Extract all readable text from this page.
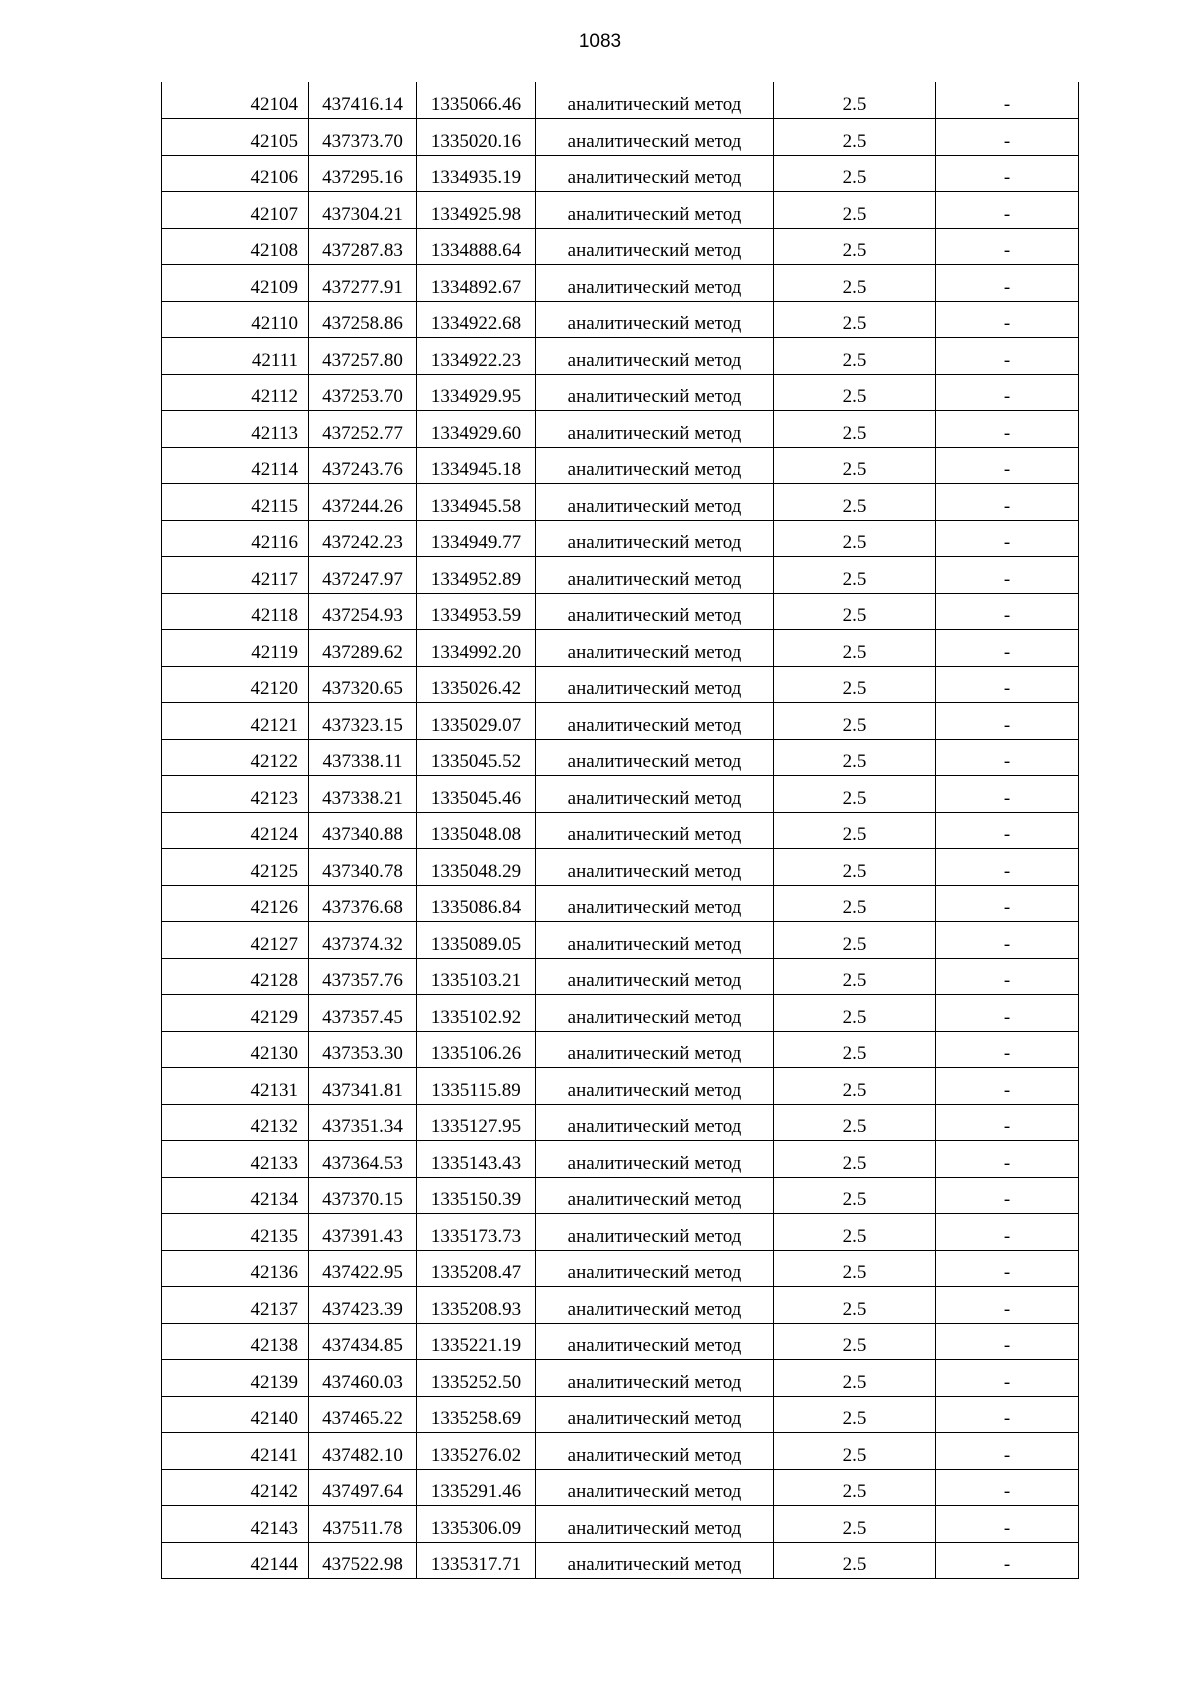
1083
42104	437416.14	1335066.46	аналитический метод	2.5	-
42105	437373.70	1335020.16	аналитический метод	2.5	-
42106	437295.16	1334935.19	аналитический метод	2.5	-
42107	437304.21	1334925.98	аналитический метод	2.5	-
42108	437287.83	1334888.64	аналитический метод	2.5	-
42109	437277.91	1334892.67	аналитический метод	2.5	-
42110	437258.86	1334922.68	аналитический метод	2.5	-
42111	437257.80	1334922.23	аналитический метод	2.5	-
42112	437253.70	1334929.95	аналитический метод	2.5	-
42113	437252.77	1334929.60	аналитический метод	2.5	-
42114	437243.76	1334945.18	аналитический метод	2.5	-
42115	437244.26	1334945.58	аналитический метод	2.5	-
42116	437242.23	1334949.77	аналитический метод	2.5	-
42117	437247.97	1334952.89	аналитический метод	2.5	-
42118	437254.93	1334953.59	аналитический метод	2.5	-
42119	437289.62	1334992.20	аналитический метод	2.5	-
42120	437320.65	1335026.42	аналитический метод	2.5	-
42121	437323.15	1335029.07	аналитический метод	2.5	-
42122	437338.11	1335045.52	аналитический метод	2.5	-
42123	437338.21	1335045.46	аналитический метод	2.5	-
42124	437340.88	1335048.08	аналитический метод	2.5	-
42125	437340.78	1335048.29	аналитический метод	2.5	-
42126	437376.68	1335086.84	аналитический метод	2.5	-
42127	437374.32	1335089.05	аналитический метод	2.5	-
42128	437357.76	1335103.21	аналитический метод	2.5	-
42129	437357.45	1335102.92	аналитический метод	2.5	-
42130	437353.30	1335106.26	аналитический метод	2.5	-
42131	437341.81	1335115.89	аналитический метод	2.5	-
42132	437351.34	1335127.95	аналитический метод	2.5	-
42133	437364.53	1335143.43	аналитический метод	2.5	-
42134	437370.15	1335150.39	аналитический метод	2.5	-
42135	437391.43	1335173.73	аналитический метод	2.5	-
42136	437422.95	1335208.47	аналитический метод	2.5	-
42137	437423.39	1335208.93	аналитический метод	2.5	-
42138	437434.85	1335221.19	аналитический метод	2.5	-
42139	437460.03	1335252.50	аналитический метод	2.5	-
42140	437465.22	1335258.69	аналитический метод	2.5	-
42141	437482.10	1335276.02	аналитический метод	2.5	-
42142	437497.64	1335291.46	аналитический метод	2.5	-
42143	437511.78	1335306.09	аналитический метод	2.5	-
42144	437522.98	1335317.71	аналитический метод	2.5	-
